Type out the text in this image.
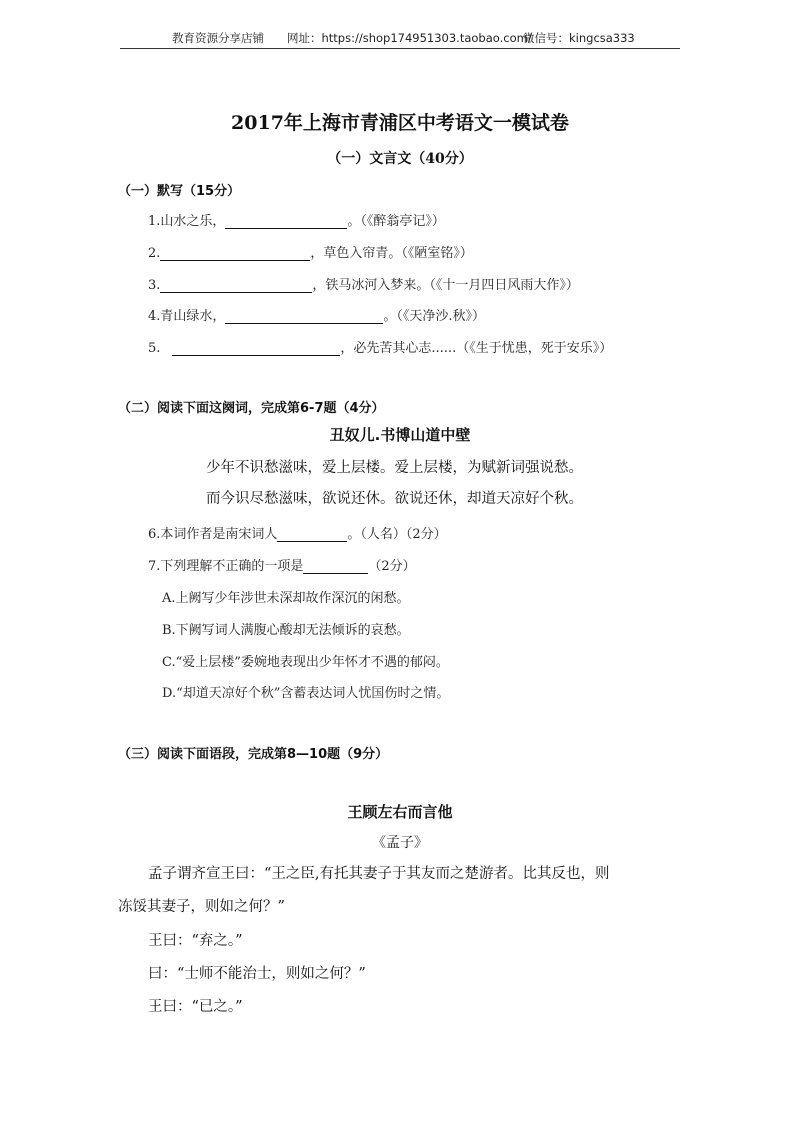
教育资源分享店铺 网址：https://shop174951303.taobao.com/
微信号：kingcsa333
2017年上海市青浦区中考语文一模试卷
（一）文言文（40分）
（一）默写（15分）
1.山水之乐，	。（《醉翁亭记》）
2.	，草色入帘青。（《陋室铭》）
3.	，铁马冰河入梦来。（《十一月四日风雨大作》）
4.青山绿水，	。（《天净沙.秋》）
5.	，必先苦其心志......（《生于忧患，死于安乐》）
（二）阅读下面这阕词，完成第6-7题（4分）
丑奴儿.书博山道中壁
少年不识愁滋味，爱上层楼。爱上层楼，为赋新词强说愁。
而今识尽愁滋味，欲说还休。欲说还休，却道天凉好个秋。
6.本词作者是南宋词人	。（人名）（2分）
7.下列理解不正确的一项是	（2分）
A.上阙写少年涉世未深却故作深沉的闲愁。
B.下阙写词人满腹心酸却无法倾诉的哀愁。
C.“爱上层楼”委婉地表现出少年怀才不遇的郁闷。
D.“却道天凉好个秋”含蓄表达词人忧国伤时之情。
（三）阅读下面语段，完成第8—10题（9分）
王顾左右而言他
《孟子》
孟子谓齐宣王曰：“王之臣,有托其妻子于其友而之楚游者。比其反也，则
冻馁其妻子，则如之何？”
王曰：“弃之。”
曰：“士师不能治士，则如之何？”
王曰：“已之。”
